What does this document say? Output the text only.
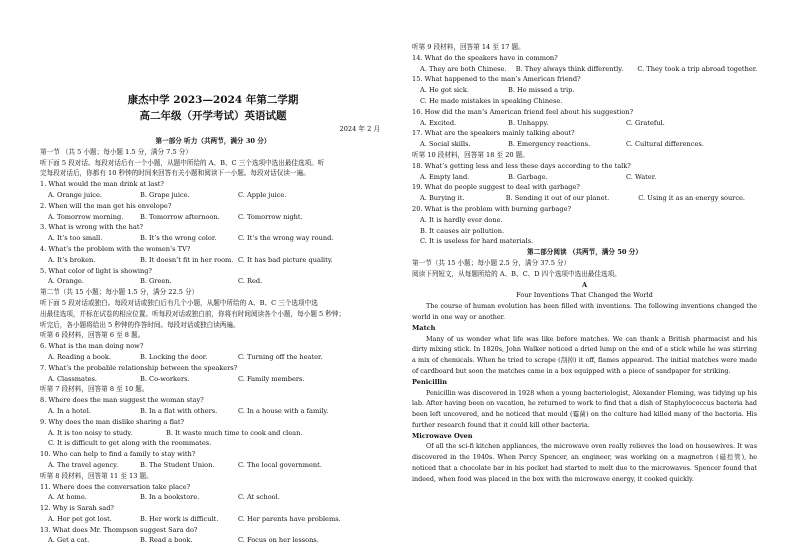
康杰中学 2023—2024 年第二学期
高二年级（开学考试）英语试题
2024 年 2 月
第一部分 听力（共两节，满分 30 分）
第一节 （共 5 小题；每小题 1.5 分，满分 7.5 分）
听下面 5 段对话。每段对话后有一个小题，从题中所给的 A、B、C 三个选项中选出最佳选项。听
完每段对话后，你都有 10 秒钟的时间来回答有关小题和阅读下一小题。每段对话仅读一遍。
1. What would the man drink at last?
A. Orange juice.	B. Grape juice.	C. Apple juice.
2. When will the man get his envelope?
A. Tomorrow morning.	B. Tomorrow afternoon.	C. Tomorrow night.
3. What is wrong with the hat?
A. It’s too small.	B. It’s the wrong color.	C. It’s the wrong way round.
4. What’s the problem with the women’s TV?
A. It’s broken.	B. It doesn’t fit in her room. C. It has bad picture quality.
5. What color of light is showing?
A. Orange.	B. Green.	C. Red.
第二节（共 15 小题；每小题 1.5 分，满分 22.5 分）
听下面 5 段对话或独白。每段对话或独白后有几个小题，从题中所给的 A、B、C 三个选项中选
出最佳选项，并标在试卷的相应位置。听每段对话或独白前，你将有时间阅读各个小题，每小题 5 秒钟；
听完后，各小题将给出 5 秒钟的作答时间。每段对话或独白读两遍。
听第 6 段材料，回答第 6 至 8 题。
6. What is the man doing now?
A. Reading a book.	B. Locking the door.	C. Turning off the heater.
7. What’s the probable relationship between the speakers?
A. Classmates.	B. Co-workers.	C. Family members.
听第 7 段材料，回答第 8 至 10 题。
8. Where does the man suggest the woman stay?
A. In a hotel.	B. In a flat with others.	C. In a house with a family.
9. Why does the man dislike sharing a flat?
A. It is too noisy to study.	B. It waste much time to cook and clean.
C. It is difficult to get along with the roommates.
10. Who can help to find a family to stay with?
A. The travel agency.	B. The Student Union.	C. The local government.
听第 8 段材料，回答第 11 至 13 题。
11. Where does the conversation take place?
A. At home.	B. In a bookstore.	C. At school.
12. Why is Sarah sad?
A. Her pet got lost.	B. Her work is difficult.	C. Her parents have problems.
13. What does Mr. Thompson suggest Sara do?
A. Get a cat.	B. Read a book.	C. Focus on her lessons.
听第 9 段材料，回答第 14 至 17 题。
14. What do the speakers have in common?
A. They are both Chinese.	B. They always think differently.	C. They took a trip abroad together.
15. What happened to the man’s American friend?
A. He got sick.	B. He missed a trip.
C. He made mistakes in speaking Chinese.
16. How did the man’s American friend feel about his suggestion?
A. Excited.	B. Unhappy.	C. Grateful.
17. What are the speakers mainly talking about?
A. Social skills.	B. Emergency reactions.	C. Cultural differences.
听第 10 段材料，回答第 18 至 20 题。
18. What’s getting less and less these days according to the talk?
A. Empty land.	B. Garbage.	C. Water.
19. What do people suggest to deal with garbage?
A. Burying it.	B. Sending it out of our planet.	C. Using it as an energy source.
20. What is the problem with burning garbage?
A. It is hardly ever done.
B. It causes air pollution.
C. It is useless for hard materials.
第二部分阅读 （共两节，满分 50 分）
第一节（共 15 小题；每小题 2.5 分，满分 37.5 分）
阅读下列短文，从每题所给的 A、B、C、D 四个选项中选出最佳选项。
A
Four Inventions That Changed the World
The course of human evolution has been filled with inventions. The following inventions changed the world in one way or another.
Match
Many of us wonder what life was like before matches. We can thank a British pharmacist and his dirty mixing stick. In 1820s, John Walker noticed a dried lump on the end of a stick while he was stirring a mix of chemicals. When he tried to scrape (刮掉) it off, flames appeared. The initial matches were made of cardboard but soon the matches came in a box equipped with a piece of sandpaper for striking.
Penicillin
Penicillin was discovered in 1928 when a young bacteriologist, Alexander Fleming, was tidying up his lab. After having been on vacation, he returned to work to find that a dish of Staphylococcus bacteria had been left uncovered, and he noticed that mould (霉菌) on the culture had killed many of the bacteria. His further research found that it could kill other bacteria.
Microwave Oven
Of all the sci-fi kitchen appliances, the microwave oven really relieves the load on housewives. It was discovered in the 1940s. When Percy Spencer, an engineer, was working on a magnetron (磁控管), he noticed that a chocolate bar in his pocket had started to melt due to the microwaves. Spencer found that indeed, when food was placed in the box with the microwave energy, it cooked quickly.
